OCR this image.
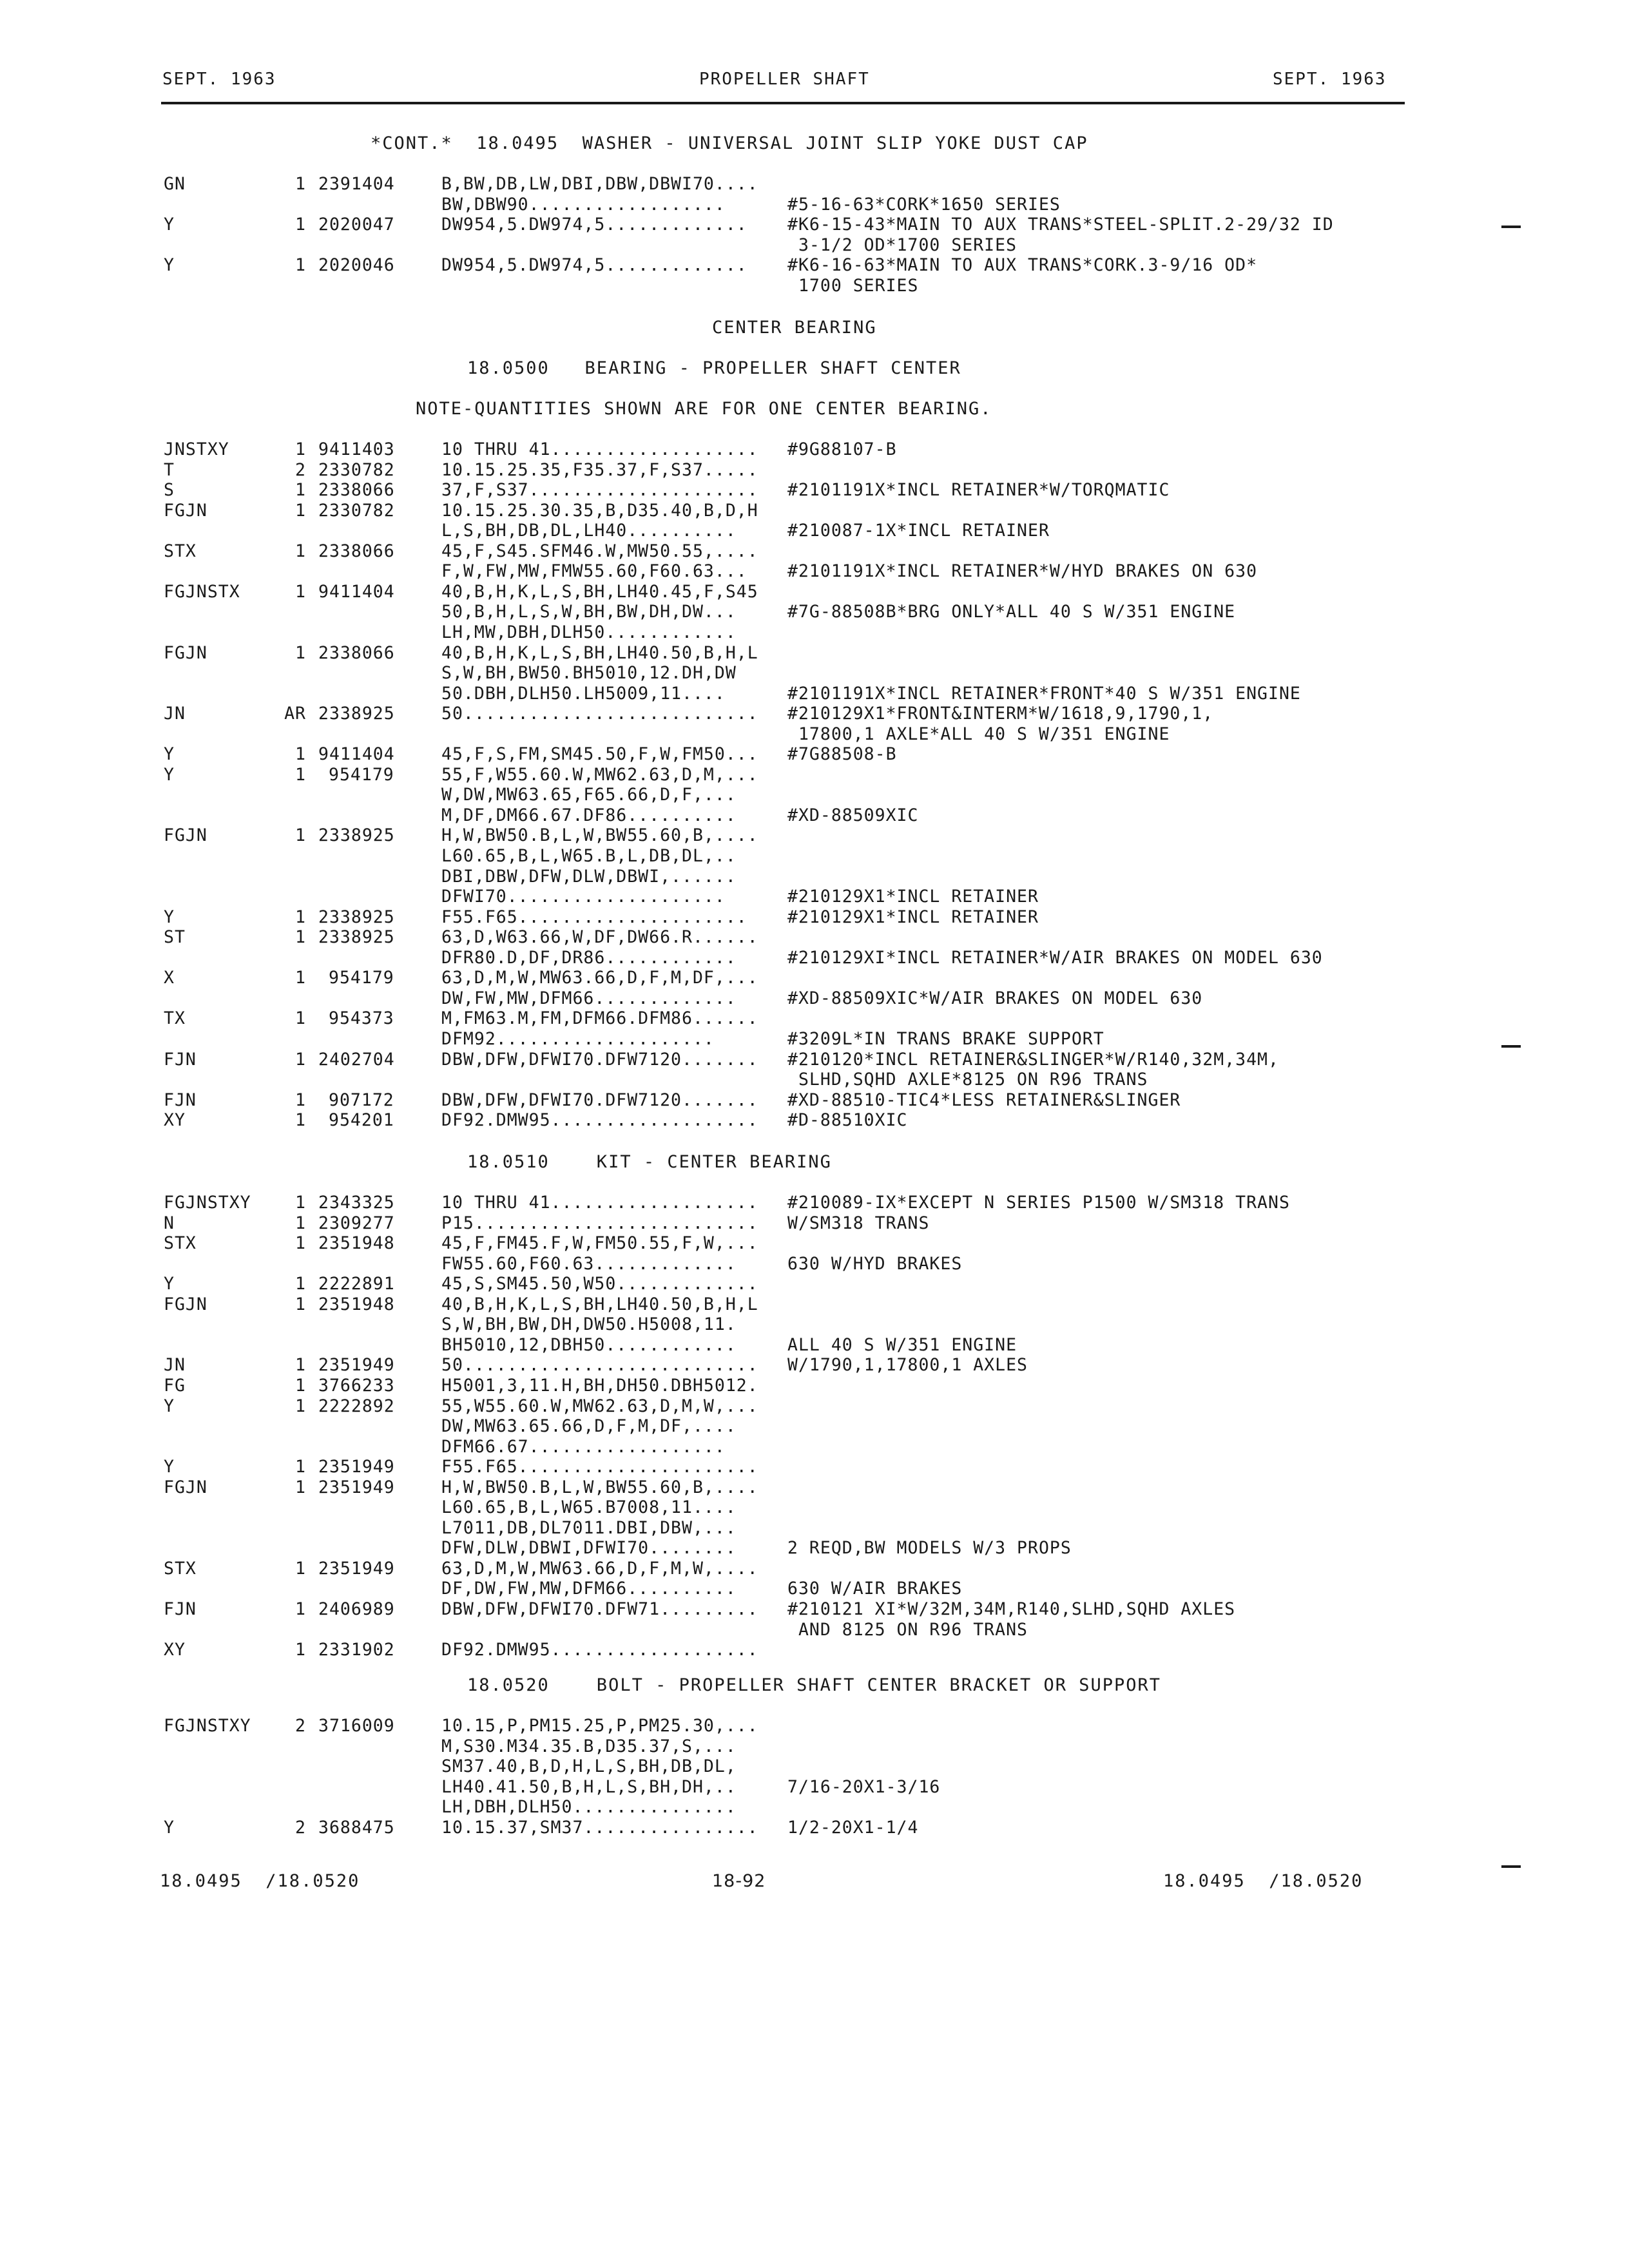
SEPT. 1963	PROPELLER SHAFT	SEPT. 1963
*CONT.*  18.0495  WASHER - UNIVERSAL JOINT SLIP YOKE DUST CAP
GN	1 2391404	B,BW,DB,LW,DBI,DBW,DBWI70....
BW,DBW90..................	#5-16-63*CORK*1650 SERIES
Y	1 2020047	DW954,5.DW974,5............. #K6-15-43*MAIN TO AUX TRANS*STEEL-SPLIT.2-29/32 ID
3-1/2 OD*1700 SERIES
Y	1 2020046	DW954,5.DW974,5............. #K6-16-63*MAIN TO AUX TRANS*CORK.3-9/16 OD*
1700 SERIES
CENTER BEARING
18.0500   BEARING - PROPELLER SHAFT CENTER
NOTE-QUANTITIES SHOWN ARE FOR ONE CENTER BEARING.
JNSTXY	1 9411403	10 THRU 41................... #9G88107-B
T	2 2330782	10.15.25.35,F35.37,F,S37.....
S	1 2338066	37,F,S37..................... #2101191X*INCL RETAINER*W/TORQMATIC
FGJN	1 2330782	10.15.25.30.35,B,D35.40,B,D,H
L,S,BH,DB,DL,LH40..........	#210087-1X*INCL RETAINER
STX	1 2338066	45,F,S45.SFM46.W,MW50.55,....
F,W,FW,MW,FMW55.60,F60.63... #2101191X*INCL RETAINER*W/HYD BRAKES ON 630
FGJNSTX	1 9411404	40,B,H,K,L,S,BH,LH40.45,F,S45
50,B,H,L,S,W,BH,BW,DH,DW...	#7G-88508B*BRG ONLY*ALL 40 S W/351 ENGINE
LH,MW,DBH,DLH50............
FGJN	1 2338066	40,B,H,K,L,S,BH,LH40.50,B,H,L
S,W,BH,BW50.BH5010,12.DH,DW
50.DBH,DLH50.LH5009,11....	#2101191X*INCL RETAINER*FRONT*40 S W/351 ENGINE
JN	AR 2338925	50........................... #210129X1*FRONT&INTERM*W/1618,9,1790,1,
17800,1 AXLE*ALL 40 S W/351 ENGINE
Y	1 9411404	45,F,S,FM,SM45.50,F,W,FM50... #7G88508-B
Y	1 954179	55,F,W55.60.W,MW62.63,D,M,...
W,DW,MW63.65,F65.66,D,F,...
M,DF,DM66.67.DF86..........	#XD-88509XIC
FGJN	1 2338925	H,W,BW50.B,L,W,BW55.60,B,....
L60.65,B,L,W65.B,L,DB,DL,..
DBI,DBW,DFW,DLW,DBWI,......
DFWI70....................	#210129X1*INCL RETAINER
Y	1 2338925	F55.F65..................... #210129X1*INCL RETAINER
ST	1 2338925	63,D,W63.66,W,DF,DW66.R......
DFR80.D,DF,DR86............	#210129XI*INCL RETAINER*W/AIR BRAKES ON MODEL 630
X	1 954179	63,D,M,W,MW63.66,D,F,M,DF,...
DW,FW,MW,DFM66.............	#XD-88509XIC*W/AIR BRAKES ON MODEL 630
TX	1 954373	M,FM63.M,FM,DFM66.DFM86......
DFM92....................	#3209L*IN TRANS BRAKE SUPPORT
FJN	1 2402704	DBW,DFW,DFWI70.DFW7120....... #210120*INCL RETAINER&SLINGER*W/R140,32M,34M,
SLHD,SQHD AXLE*8125 ON R96 TRANS
FJN	1 907172	DBW,DFW,DFWI70.DFW7120....... #XD-88510-TIC4*LESS RETAINER&SLINGER
XY	1 954201	DF92.DMW95................... #D-88510XIC
18.0510    KIT - CENTER BEARING
FGJNSTXY	1 2343325	10 THRU 41................... #210089-IX*EXCEPT N SERIES P1500 W/SM318 TRANS
N	1 2309277	P15.......................... W/SM318 TRANS
STX	1 2351948	45,F,FM45.F,W,FM50.55,F,W,...
FW55.60,F60.63.............	630 W/HYD BRAKES
Y	1 2222891	45,S,SM45.50,W50.............
FGJN	1 2351948	40,B,H,K,L,S,BH,LH40.50,B,H,L
S,W,BH,BW,DH,DW50.H5008,11.
BH5010,12,DBH50............	ALL 40 S W/351 ENGINE
JN	1 2351949	50........................... W/1790,1,17800,1 AXLES
FG	1 3766233	H5001,3,11.H,BH,DH50.DBH5012.
Y	1 2222892	55,W55.60.W,MW62.63,D,M,W,...
DW,MW63.65.66,D,F,M,DF,....
DFM66.67..................
Y	1 2351949	F55.F65......................
FGJN	1 2351949	H,W,BW50.B,L,W,BW55.60,B,....
L60.65,B,L,W65.B7008,11....
L7011,DB,DL7011.DBI,DBW,...
DFW,DLW,DBWI,DFWI70........	2 REQD,BW MODELS W/3 PROPS
STX	1 2351949	63,D,M,W,MW63.66,D,F,M,W,....
DF,DW,FW,MW,DFM66..........	630 W/AIR BRAKES
FJN	1 2406989	DBW,DFW,DFWI70.DFW71......... #210121 XI*W/32M,34M,R140,SLHD,SQHD AXLES
AND 8125 ON R96 TRANS
XY	1 2331902	DF92.DMW95...................
18.0520    BOLT - PROPELLER SHAFT CENTER BRACKET OR SUPPORT
FGJNSTXY	2 3716009	10.15,P,PM15.25,P,PM25.30,...
M,S30.M34.35.B,D35.37,S,...
SM37.40,B,D,H,L,S,BH,DB,DL,
LH40.41.50,B,H,L,S,BH,DH,..	7/16-20X1-3/16
LH,DBH,DLH50...............
Y	2 3688475	10.15.37,SM37................ 1/2-20X1-1/4
18.0495  /18.0520	18-92	18.0495  /18.0520
